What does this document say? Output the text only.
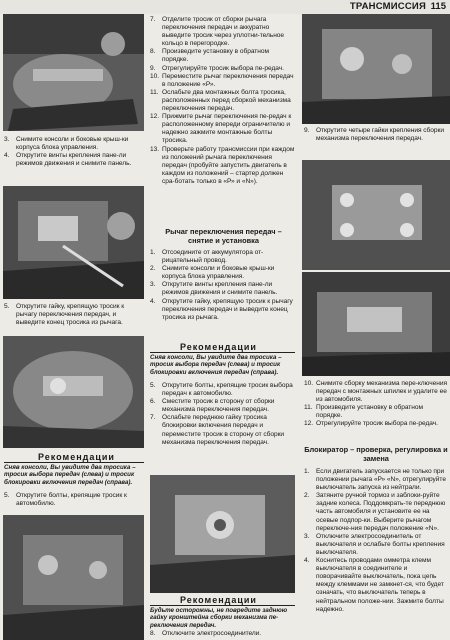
ТРАНСМИССИЯ 115
3. Снимите консоли и боковые крыш-ки корпуса блока управления.
4. Открутите винты крепления пане-ли режимов движения и снимите панель.
5. Открутите гайку, крепящую тросик к рычагу переключения передач, и выведите конец тросика из рычага.
Рекомендации
Сняв консоли, Вы увидите два тросика – тросик выбора передач (слева) и тросик блокировки включения передач (справа).
5. Открутите болты, крепящие тросик к автомобилю.
7. Отделите тросик от сборки рычага переключения передач и аккуратно выведите тросик через уплотни-тельное кольцо в перегородке.
8. Произведите установку в обратном порядке.
9. Отрегулируйте тросик выбора пе-редач.
10. Переместите рычаг переключения передач в положение «Р».
11. Ослабьте два монтажных болта тросика, расположенных перед сборкой механизма переключения передач.
12. Прижмите рычаг переключения пе-редач к расположенному впереди ограничителю и надежно зажмите монтажные болты тросика.
13. Проверьте работу трансмиссии при каждом из положений рычага переключения передач (пробуйте запустить двигатель в каждом из положений – стартер должен сра-ботать только в «Р» и «N»).
Рычаг переключения передач – снятие и установка
1. Отсоедините от аккумулятора от-рицательный провод.
2. Снимите консоли и боковые крыш-ки корпуса блока управления.
3. Открутите винты крепления пане-ли режимов движения и снимите панель.
4. Открутите гайку, крепящую тросик к рычагу переключения передач и выведите конец тросика из рычага.
Рекомендации
Сняв консоли, Вы увидите два тросика – тросик выбора передач (слева) и тросик блокировки включения передач (справа).
5. Открутите болты, крепящие тросик выбора передач к автомобилю.
6. Сместите тросик в сторону от сборки механизма переключения передач.
7. Ослабьте переднюю гайку тросика блокировки включения передач и переместите тросик в сторону от сборки механизма переключения передач.
Рекомендации
Будьте осторожны, не повредите заднюю гайку кронштейна сборки механизма пе-реключения передач.
8. Отключите электросоединители.
9. Открутите четыре гайки крепления сборки механизма переключения передач.
10. Снимите сборку механизма пере-ключения передач с монтажных шпилек и удалите ее из автомобиля.
11. Произведите установку в обратном порядке.
12. Отрегулируйте тросик выбора пе-редач.
Блокиратор – проверка, регулировка и замена
1. Если двигатель запускается не только при положении рычага «Р» «N», отрегулируйте выключатель запуска из нейтрали.
2. Затяните ручной тормоз и заблоки-руйте задние колеса. Поддомкрать-те переднюю часть автомобиля и установите ее на осевые подпор-ки. Выберите рычагом переключе-ния передач положение «N».
3. Отключите электросоединитель от выключателя и ослабьте болты крепления выключателя.
4. Коснитесь проводами омметра клемм выключателя в соединителе и поворачивайте выключатель, пока цепь между клеммами не замкнет-ся, что будет означать, что выключатель теперь в нейтральном положе-нии. Зажмите болты надежно.
